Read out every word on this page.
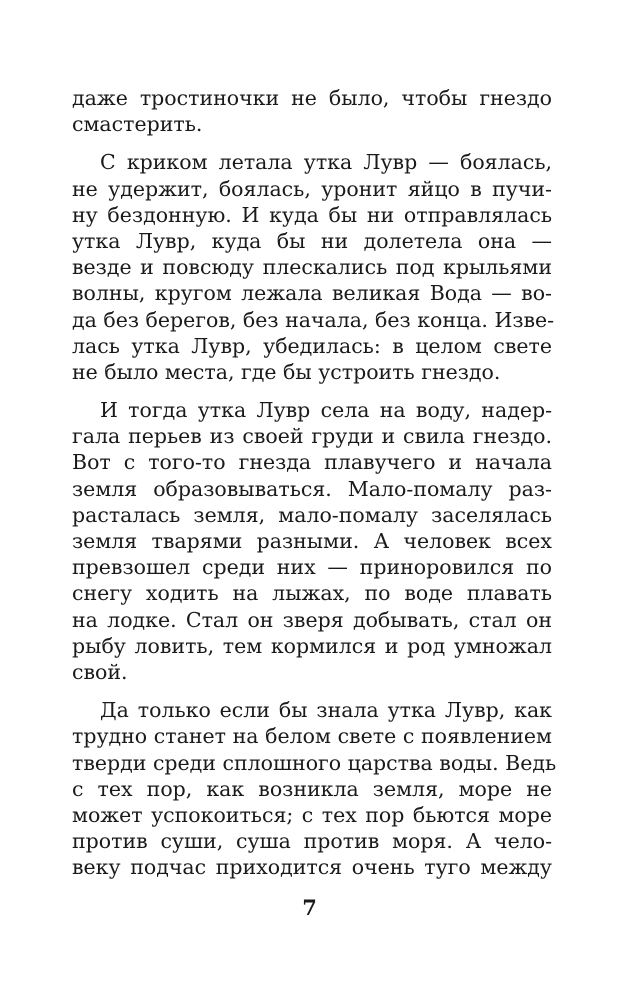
даже тростиночки не было, чтобы гнездо
смастерить.
С криком летала утка Лувр — боялась,
не удержит, боялась, уронит яйцо в пучи-
ну бездонную. И куда бы ни отправлялась
утка Лувр, куда бы ни долетела она —
везде и повсюду плескались под крыльями
волны, кругом лежала великая Вода — во-
да без берегов, без начала, без конца. Изве-
лась утка Лувр, убедилась: в целом свете
не было места, где бы устроить гнездо.
И тогда утка Лувр села на воду, надер-
гала перьев из своей груди и свила гнездо.
Вот с того-то гнезда плавучего и начала
земля образовываться. Мало-помалу раз-
расталась земля, мало-помалу заселялась
земля тварями разными. А человек всех
превзошел среди них — приноровился по
снегу ходить на лыжах, по воде плавать
на лодке. Стал он зверя добывать, стал он
рыбу ловить, тем кормился и род умножал
свой.
Да только если бы знала утка Лувр, как
трудно станет на белом свете с появлением
тверди среди сплошного царства воды. Ведь
с тех пор, как возникла земля, море не
может успокоиться; с тех пор бьются море
против суши, суша против моря. А чело-
веку подчас приходится очень туго между
7
